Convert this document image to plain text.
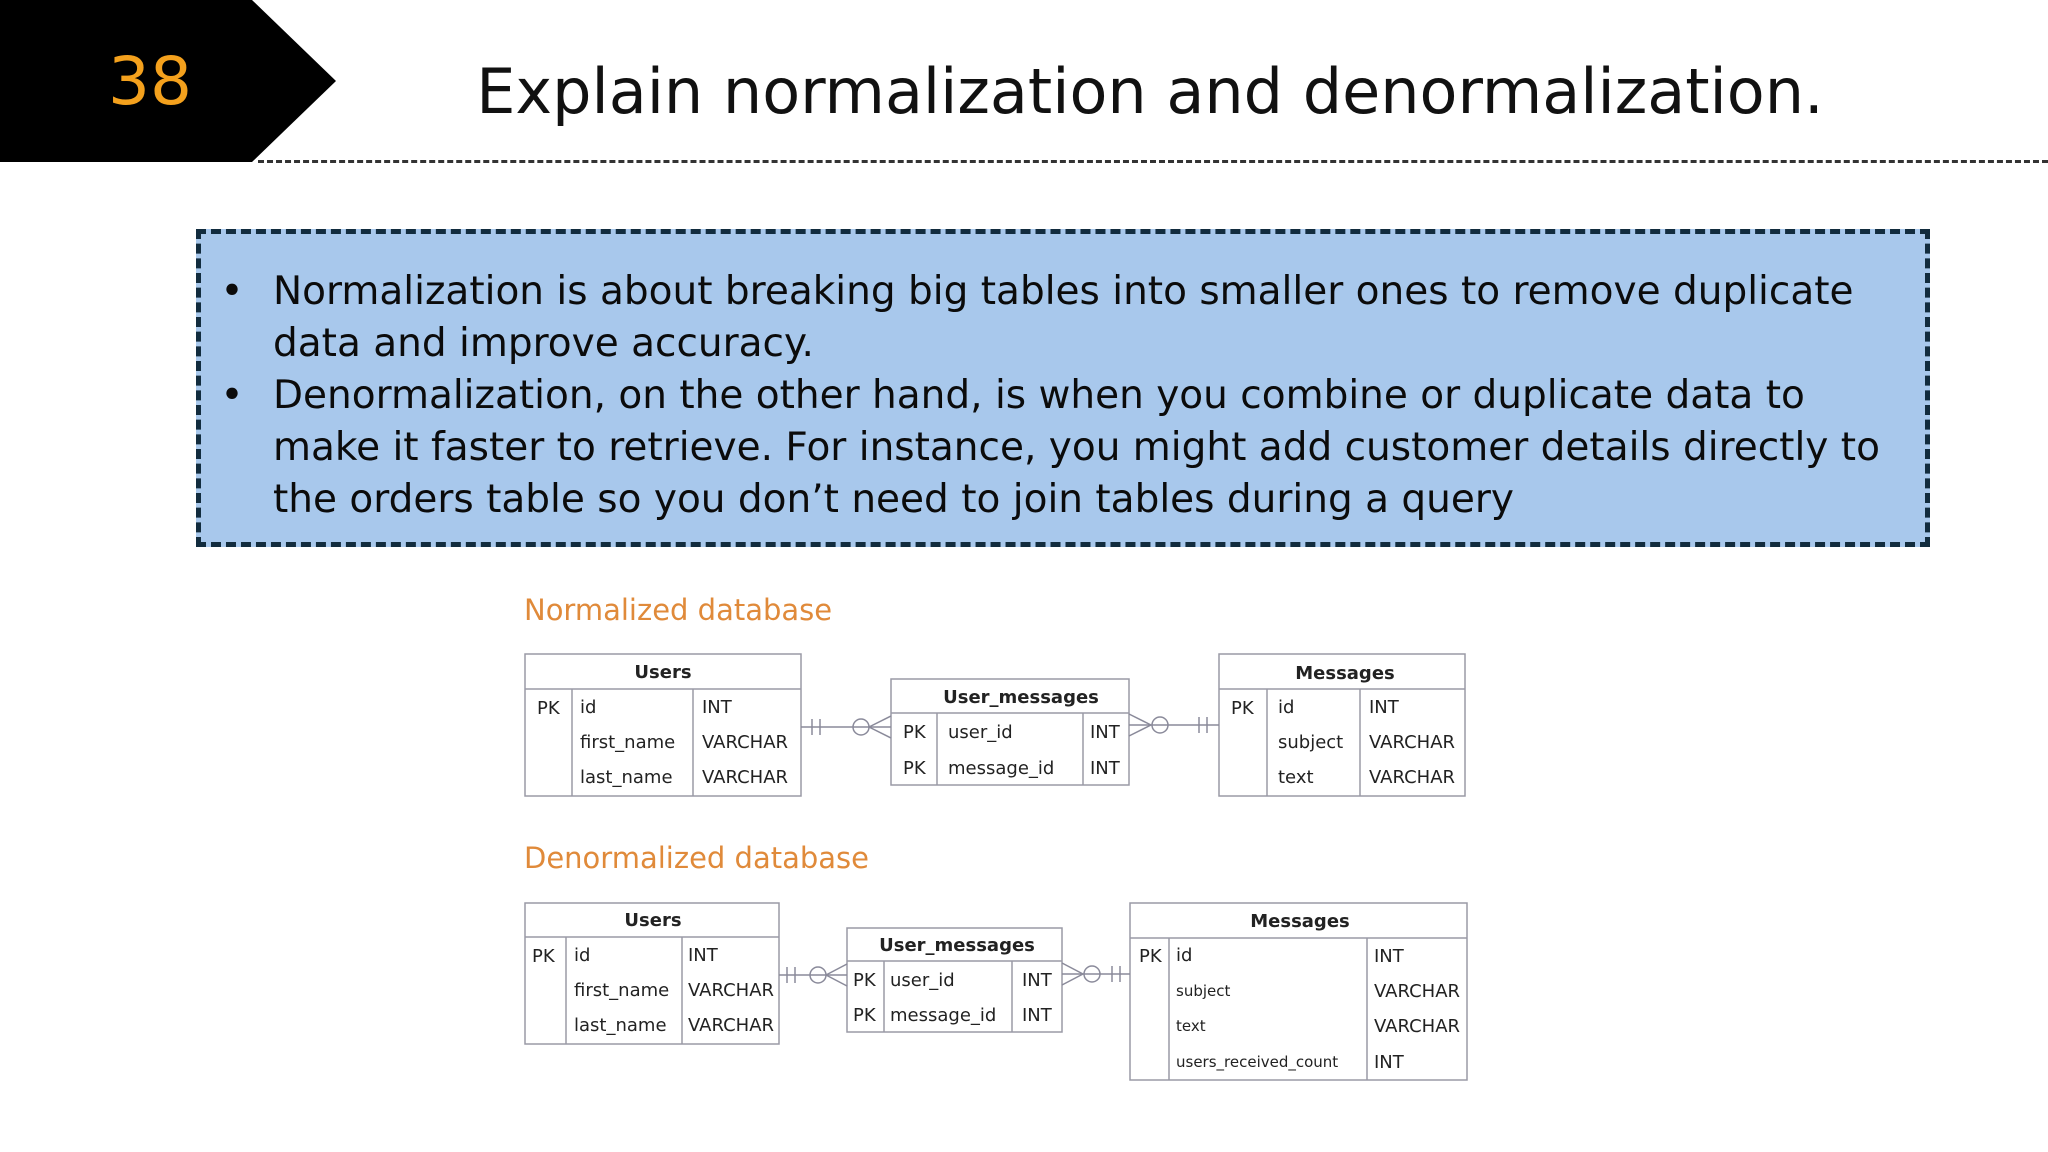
38	Explain normalization and denormalization.
• Normalization is about breaking big tables into smaller ones to remove duplicate data and improve accuracy.
• Denormalization, on the other hand, is when you combine or duplicate data to make it faster to retrieve. For instance, you might add customer details directly to the orders table so you don’t need to join tables during a query
Normalized database
Users
PK id	INT
first_name VARCHAR
last_name VARCHAR
User_messages
PK user_id	INT
PK message_id INT
Messages
PK id	INT
subject VARCHAR
text	VARCHAR
Denormalized database
Users
PK id	INT
first_name VARCHAR
last_name VARCHAR
User_messages
PK user_id	INT
PK message_id INT
Messages
PK id	INT
subject	VARCHAR
text	VARCHAR
users_received_count INT
